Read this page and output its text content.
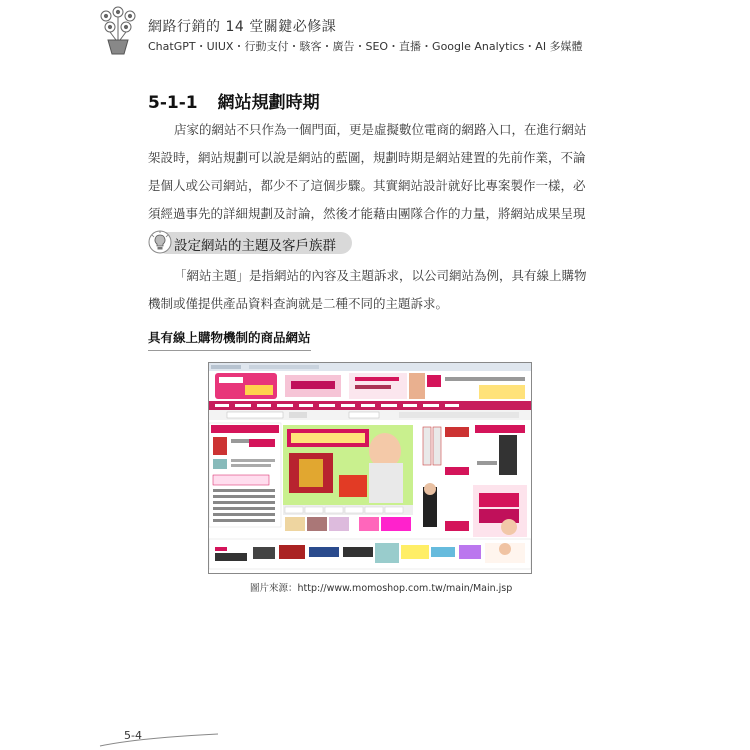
網路行銷的 14 堂關鍵必修課
ChatGPT・UIUX・行動支付・駭客・廣告・SEO・直播・Google Analytics・AI 多媒體
5-1-1 網站規劃時期

店家的網站不只作為一個門面，更是虛擬數位電商的網路入口，在進行網站架設時，網站規劃可以說是網站的藍圖，規劃時期是網站建置的先前作業，不論是個人或公司網站，都少不了這個步驟。其實網站設計就好比專案製作一樣，必須經過事先的詳細規劃及討論，然後才能藉由團隊合作的力量，將網站成果呈現

設定網站的主題及客戶族群

「網站主題」是指網站的內容及主題訴求，以公司網站為例，具有線上購物機制或僅提供產品資料查詢就是二種不同的主題訴求。

具有線上購物機制的商品網站
圖片來源：http://www.momoshop.com.tw/main/Main.jsp
5-4
